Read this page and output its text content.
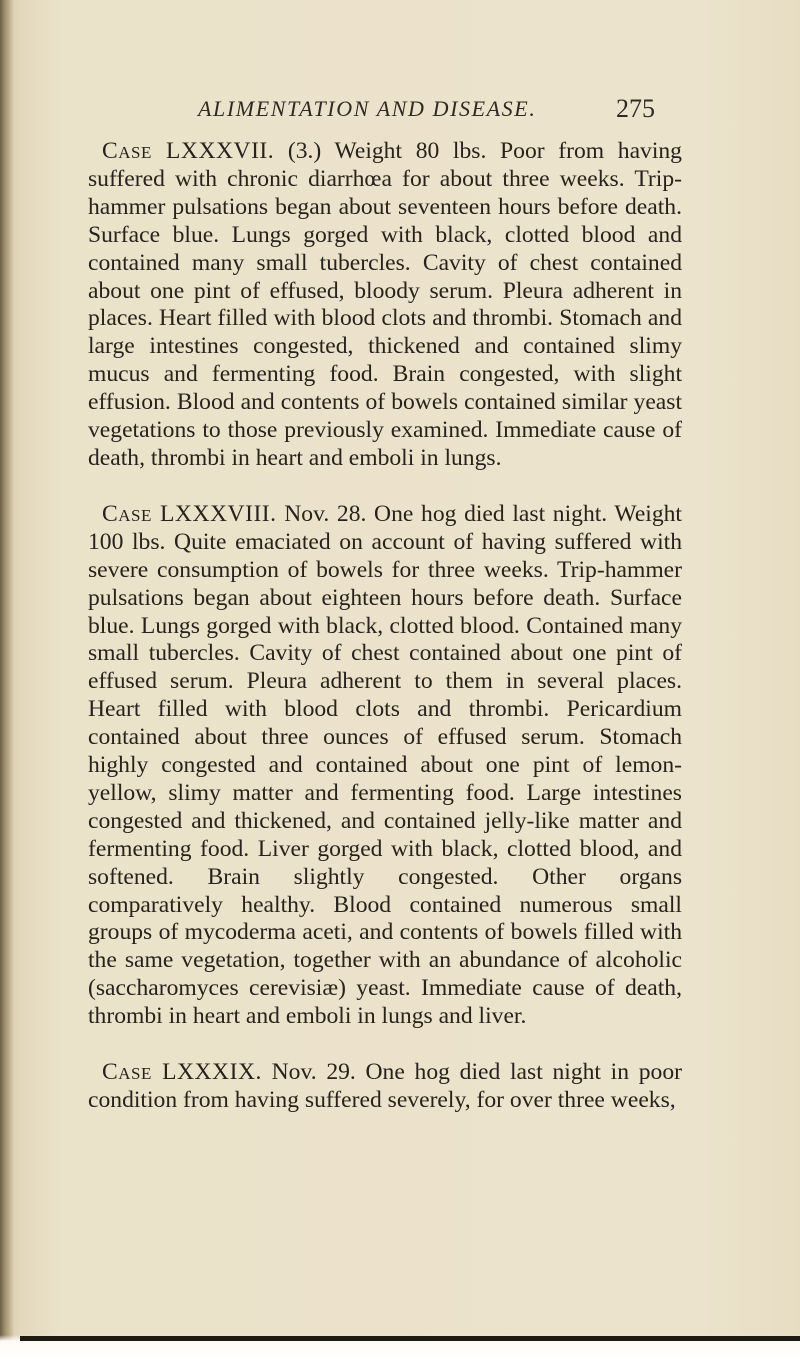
ALIMENTATION AND DISEASE.	275

Case LXXXVII. (3.) Weight 80 lbs. Poor from having suffered with chronic diarrhœa for about three weeks. Trip-hammer pulsations began about seventeen hours before death. Surface blue. Lungs gorged with black, clotted blood and contained many small tubercles. Cavity of chest contained about one pint of effused, bloody serum. Pleura adherent in places. Heart filled with blood clots and thrombi. Stomach and large intestines congested, thickened and contained slimy mucus and fermenting food. Brain congested, with slight effusion. Blood and contents of bowels contained similar yeast vegetations to those previously examined. Immediate cause of death, thrombi in heart and emboli in lungs.

Case LXXXVIII. Nov. 28. One hog died last night. Weight 100 lbs. Quite emaciated on account of having suffered with severe consumption of bowels for three weeks. Trip-hammer pulsations began about eighteen hours before death. Surface blue. Lungs gorged with black, clotted blood. Contained many small tubercles. Cavity of chest contained about one pint of effused serum. Pleura adherent to them in several places. Heart filled with blood clots and thrombi. Pericardium contained about three ounces of effused serum. Stomach highly congested and contained about one pint of lemon-yellow, slimy matter and fermenting food. Large intestines congested and thickened, and contained jelly-like matter and fermenting food. Liver gorged with black, clotted blood, and softened. Brain slightly congested. Other organs comparatively healthy. Blood contained numerous small groups of mycoderma aceti, and contents of bowels filled with the same vegetation, together with an abundance of alcoholic (saccharomyces cerevisiæ) yeast. Immediate cause of death, thrombi in heart and emboli in lungs and liver.

Case LXXXIX. Nov. 29. One hog died last night in poor condition from having suffered severely, for over three weeks,
